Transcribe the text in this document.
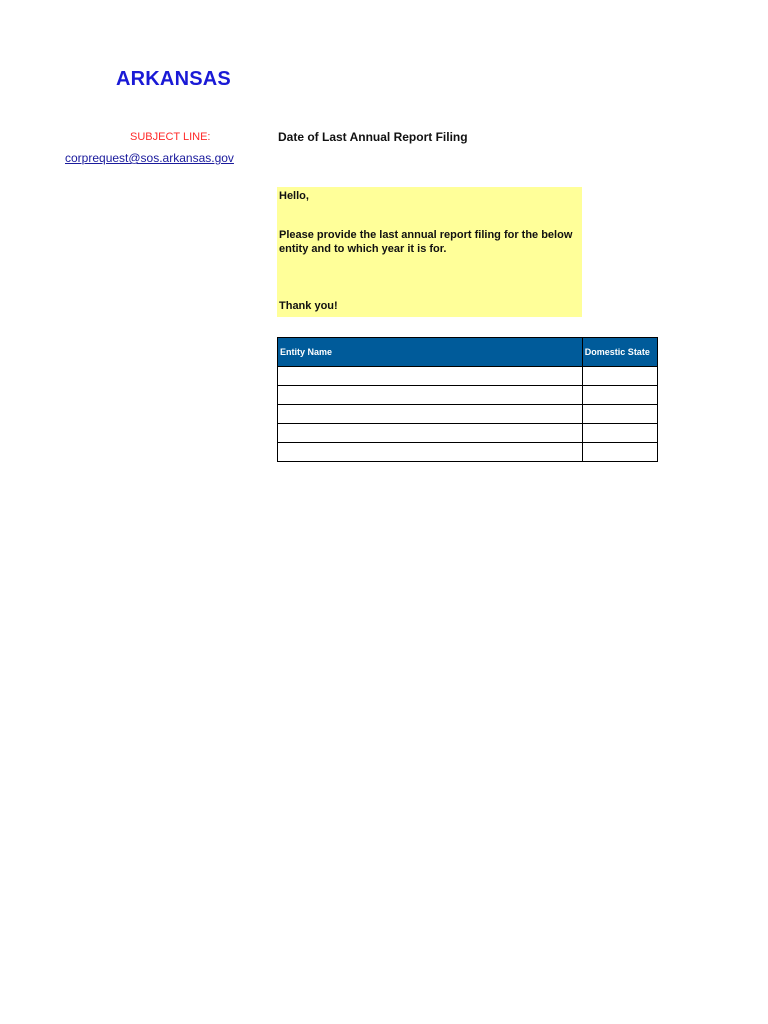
ARKANSAS
SUBJECT LINE:	Date of Last Annual Report Filing
corprequest@sos.arkansas.gov
Hello,
Please provide the last annual report filing for the below entity and to which year it is for.
Thank you!
Entity Name	Domestic State
